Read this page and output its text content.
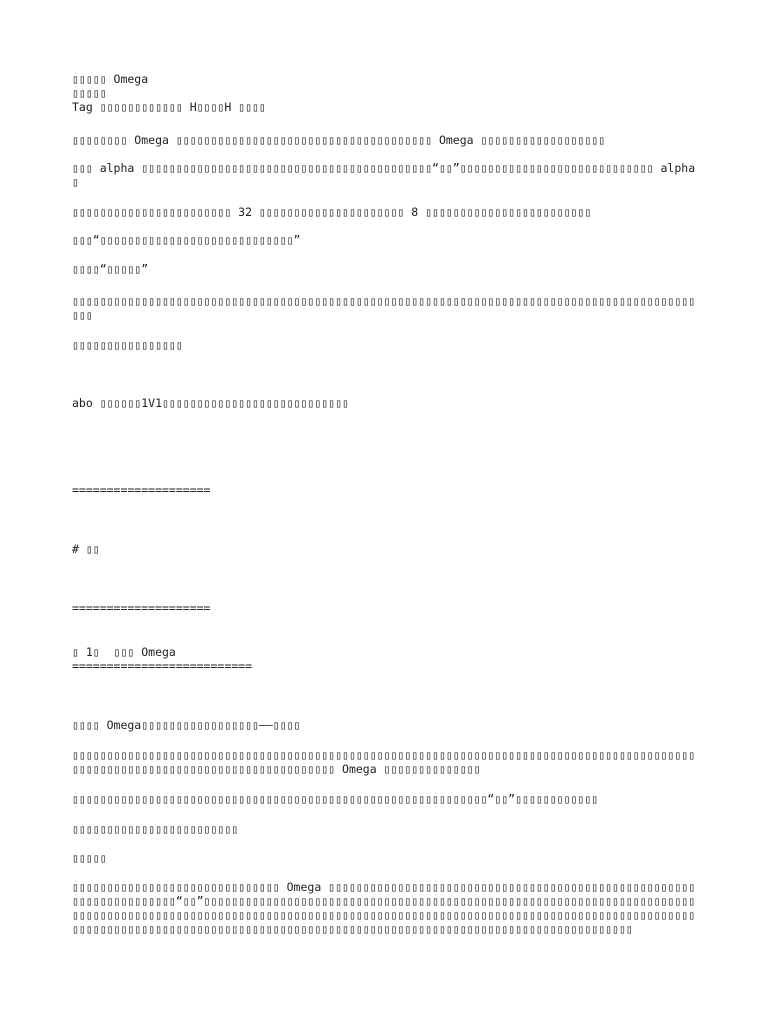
▯▯▯▯▯ Omega

▯▯▯▯▯

Tag ▯▯▯▯▯▯▯▯▯▯▯▯ H▯▯▯▯H ▯▯▯▯

▯▯▯▯▯▯▯▯ Omega ▯▯▯▯▯▯▯▯▯▯▯▯▯▯▯▯▯▯▯▯▯▯▯▯▯▯▯▯▯▯▯▯▯▯▯▯▯ Omega ▯▯▯▯▯▯▯▯▯▯▯▯▯▯▯▯▯▯

▯▯▯ alpha ▯▯▯▯▯▯▯▯▯▯▯▯▯▯▯▯▯▯▯▯▯▯▯▯▯▯▯▯▯▯▯▯▯▯▯▯▯▯▯▯▯▯“▯▯”▯▯▯▯▯▯▯▯▯▯▯▯▯▯▯▯▯▯▯▯▯▯▯▯▯▯▯▯ alpha▯

▯▯▯▯▯▯▯▯▯▯▯▯▯▯▯▯▯▯▯▯▯▯▯ 32 ▯▯▯▯▯▯▯▯▯▯▯▯▯▯▯▯▯▯▯▯▯ 8 ▯▯▯▯▯▯▯▯▯▯▯▯▯▯▯▯▯▯▯▯▯▯▯▯

▯▯▯“▯▯▯▯▯▯▯▯▯▯▯▯▯▯▯▯▯▯▯▯▯▯▯▯▯▯▯▯”

▯▯▯▯“▯▯▯▯▯”

▯▯▯▯▯▯▯▯▯▯▯▯▯▯▯▯▯▯▯▯▯▯▯▯▯▯▯▯▯▯▯▯▯▯▯▯▯▯▯▯▯▯▯▯▯▯▯▯▯▯▯▯▯▯▯▯▯▯▯▯▯▯▯▯▯▯▯▯▯▯▯▯▯▯▯▯▯▯▯▯▯▯▯▯▯▯▯▯▯▯▯▯▯

▯▯▯▯▯▯▯▯▯▯▯▯▯▯▯▯

abo ▯▯▯▯▯▯1V1▯▯▯▯▯▯▯▯▯▯▯▯▯▯▯▯▯▯▯▯▯▯▯▯▯▯▯

====================

# ▯▯

====================

▯ 1▯  ▯▯▯ Omega

==========================

▯▯▯▯ Omega▯▯▯▯▯▯▯▯▯▯▯▯▯▯▯▯▯——▯▯▯▯

▯▯▯▯▯▯▯▯▯▯▯▯▯▯▯▯▯▯▯▯▯▯▯▯▯▯▯▯▯▯▯▯▯▯▯▯▯▯▯▯▯▯▯▯▯▯▯▯▯▯▯▯▯▯▯▯▯▯▯▯▯▯▯▯▯▯▯▯▯▯▯▯▯▯▯▯▯▯▯▯▯▯▯▯▯▯▯▯▯▯▯▯▯▯▯▯▯▯▯▯▯▯▯▯▯▯▯▯▯▯▯▯▯▯▯▯▯▯▯▯▯▯▯▯▯▯▯▯ Omega ▯▯▯▯▯▯▯▯▯▯▯▯▯▯

▯▯▯▯▯▯▯▯▯▯▯▯▯▯▯▯▯▯▯▯▯▯▯▯▯▯▯▯▯▯▯▯▯▯▯▯▯▯▯▯▯▯▯▯▯▯▯▯▯▯▯▯▯▯▯▯▯▯▯▯“▯▯”▯▯▯▯▯▯▯▯▯▯▯▯

▯▯▯▯▯▯▯▯▯▯▯▯▯▯▯▯▯▯▯▯▯▯▯▯

▯▯▯▯▯

▯▯▯▯▯▯▯▯▯▯▯▯▯▯▯▯▯▯▯▯▯▯▯▯▯▯▯▯▯▯ Omega ▯▯▯▯▯▯▯▯▯▯▯▯▯▯▯▯▯▯▯▯▯▯▯▯▯▯▯▯▯▯▯▯▯▯▯▯▯▯▯▯▯▯▯▯▯▯▯▯▯▯▯▯▯▯▯▯▯▯▯▯▯▯▯▯▯▯▯▯“▯▯”▯▯▯▯▯▯▯▯▯▯▯▯▯▯▯▯▯▯▯▯▯▯▯▯▯▯▯▯▯▯▯▯▯▯▯▯▯▯▯▯▯▯▯▯▯▯▯▯▯▯▯▯▯▯▯▯▯▯▯▯▯▯▯▯▯▯▯▯▯▯▯▯▯▯▯▯▯▯▯▯▯▯▯▯▯▯▯▯▯▯▯▯▯▯▯▯▯▯▯▯▯▯▯▯▯▯▯▯▯▯▯▯▯▯▯▯▯▯▯▯▯▯▯▯▯▯▯▯▯▯▯▯▯▯▯▯▯▯▯▯▯▯▯▯▯▯▯▯▯▯▯▯▯▯▯▯▯▯▯▯▯▯▯▯▯▯▯▯▯▯▯▯▯▯▯▯▯▯▯▯▯▯▯▯▯▯▯▯▯▯▯▯▯▯▯▯▯▯▯▯▯▯▯▯▯▯▯▯▯▯▯▯▯▯▯▯▯▯▯▯▯▯▯▯▯▯▯▯▯▯▯▯▯▯▯▯▯▯▯▯▯▯
